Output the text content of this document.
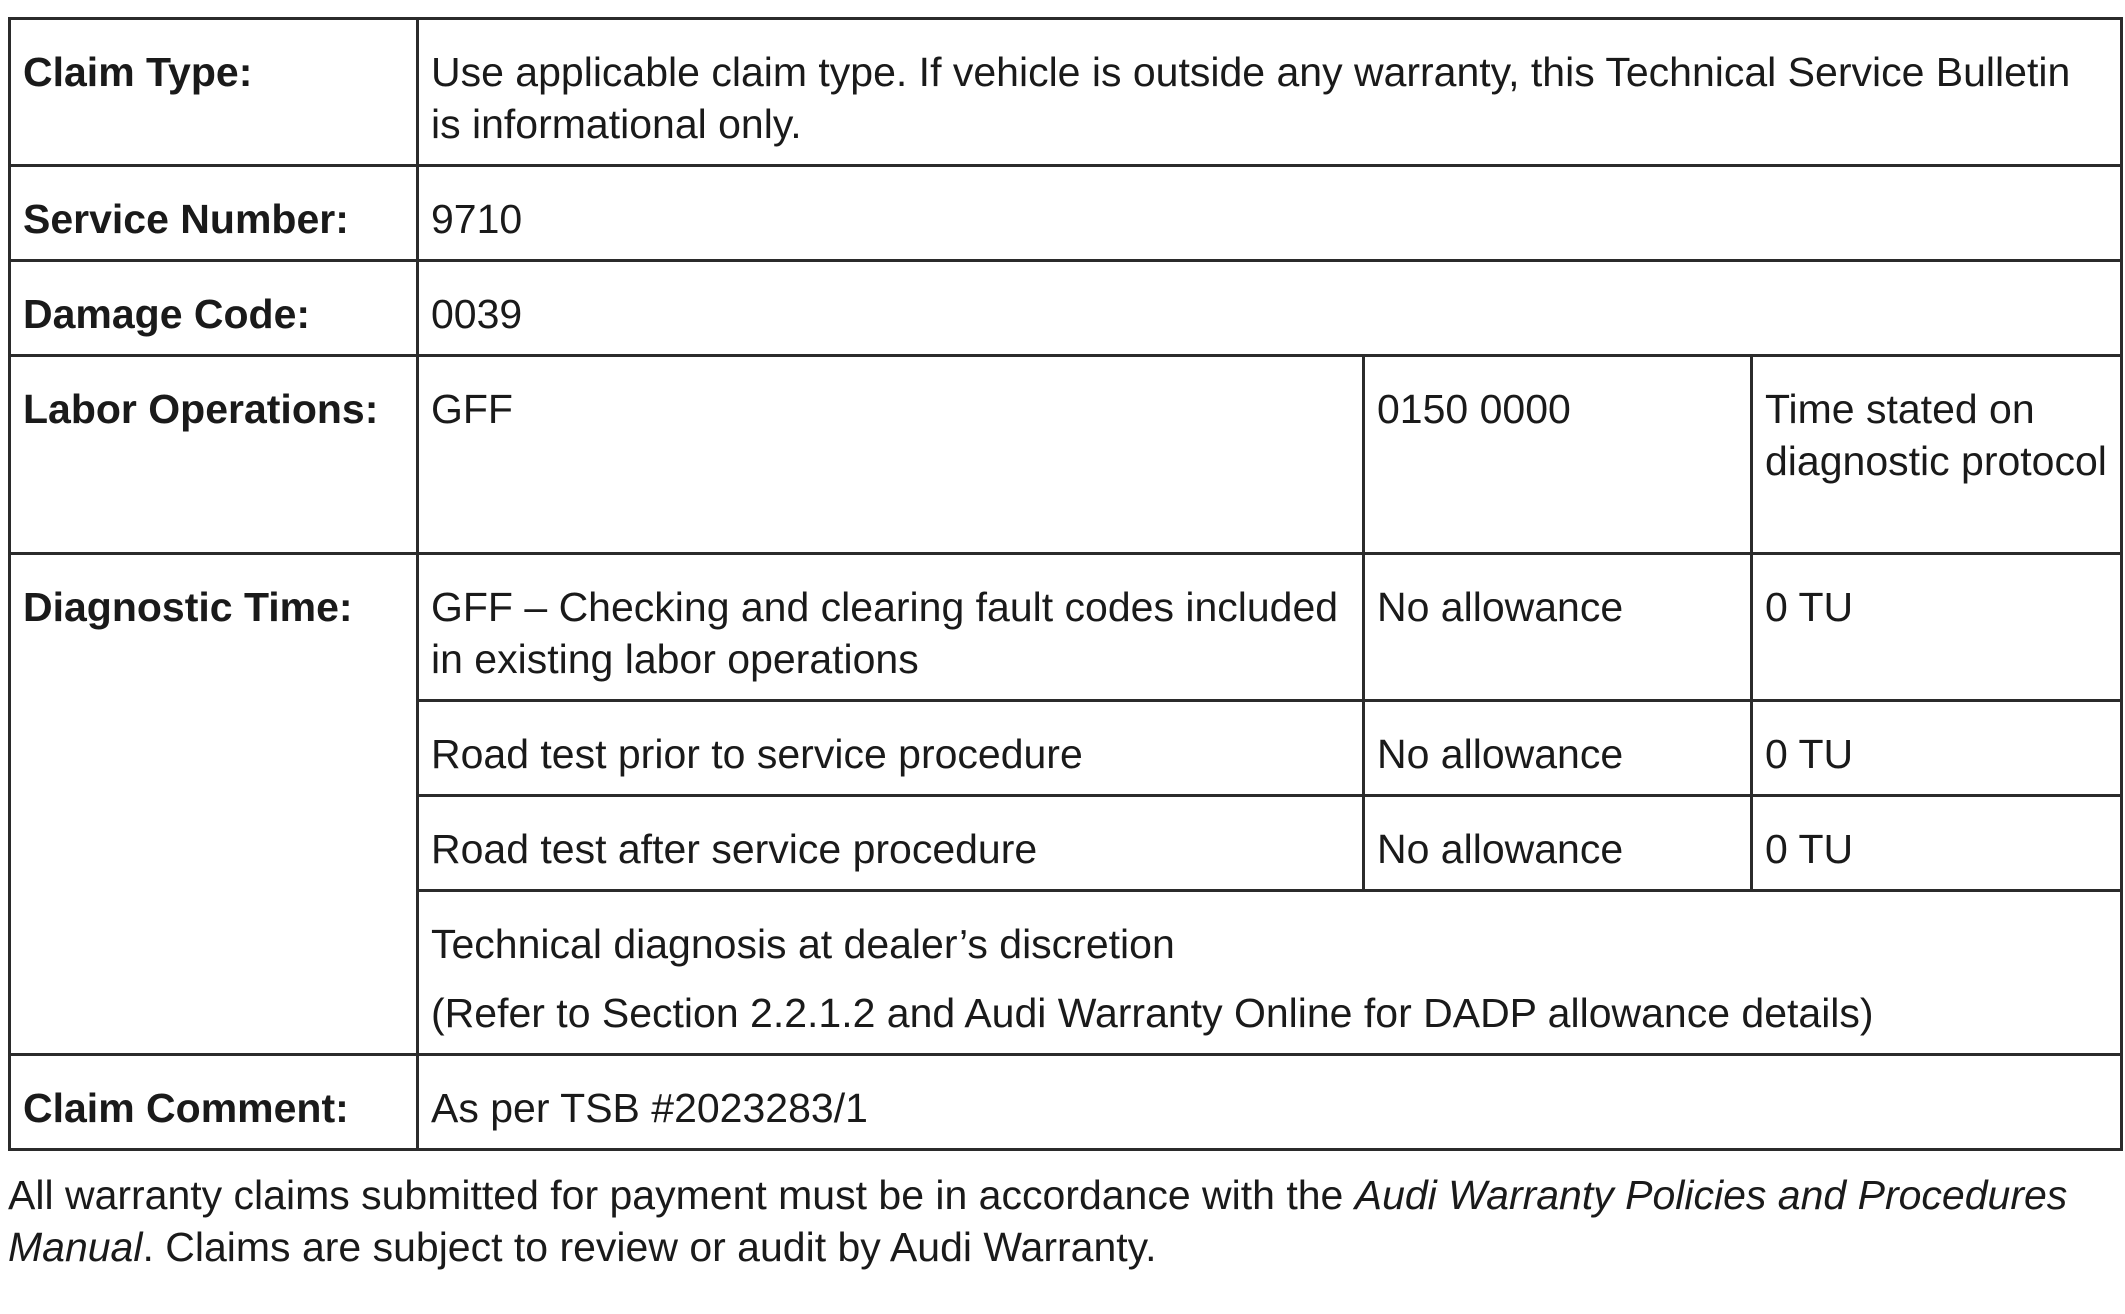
Claim Type:	Use applicable claim type. If vehicle is outside any warranty, this Technical Service Bulletin is informational only.		
Service Number:	9710		
Damage Code:	0039		
Labor Operations:	GFF	0150 0000	Time stated on diagnostic protocol
Diagnostic Time:	GFF – Checking and clearing fault codes included in existing labor operations	No allowance	0 TU
	Road test prior to service procedure	No allowance	0 TU
	Road test after service procedure	No allowance	0 TU

	Technical diagnosis at dealer’s discretion
(Refer to Section 2.2.1.2 and Audi Warranty Online for DADP allowance details)		

Claim Comment:	As per TSB #2023283/1		

All warranty claims submitted for payment must be in accordance with the Audi Warranty Policies and Procedures Manual. Claims are subject to review or audit by Audi Warranty.
